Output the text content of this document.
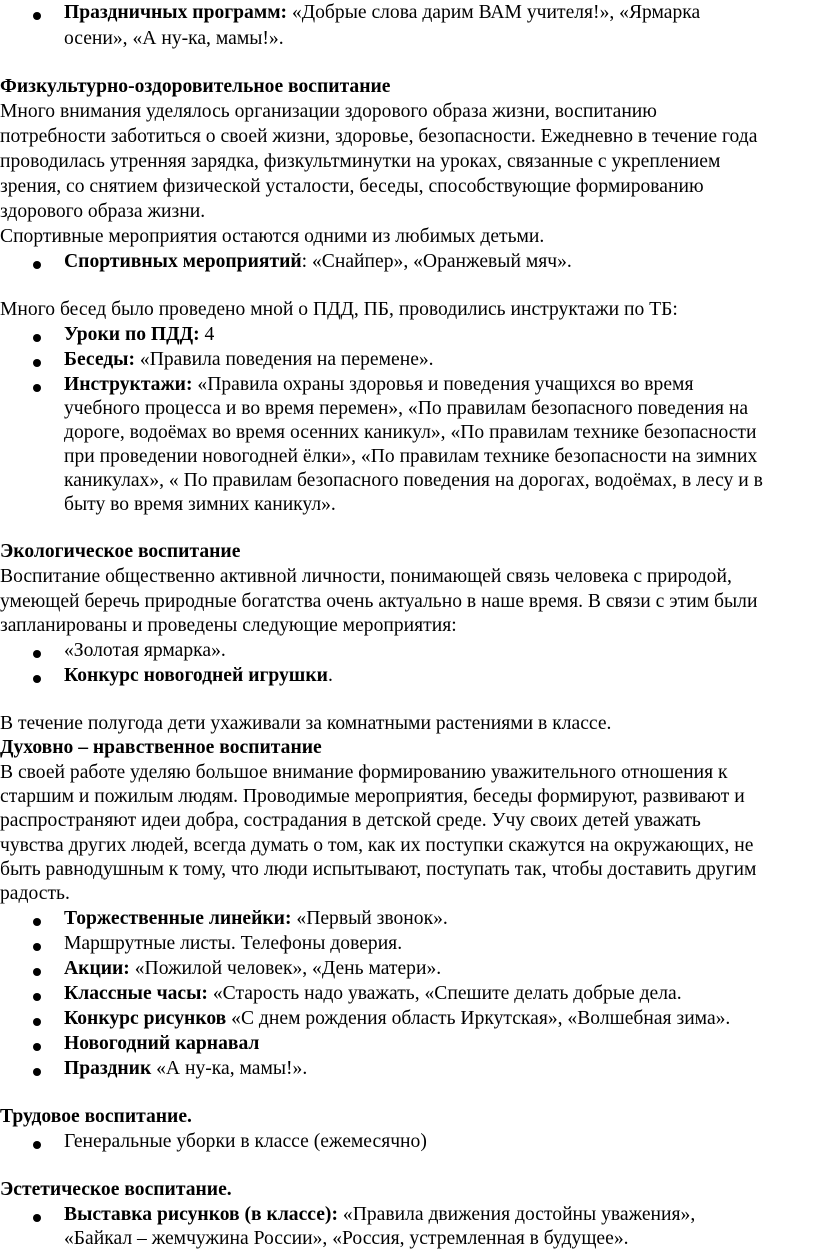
Праздничных программ: «Добрые слова дарим ВАМ учителя!», «Ярмарка
осени», «А ну-ка, мамы!».
Физкультурно-оздоровительное воспитание
Много внимания уделялось организации здорового образа жизни, воспитанию
потребности заботиться о своей жизни, здоровье, безопасности. Ежедневно в течение года
проводилась утренняя зарядка, физкультминутки на уроках, связанные с укреплением
зрения, со снятием физической усталости, беседы, способствующие формированию
здорового образа жизни.
Спортивные мероприятия остаются одними из любимых детьми.
Спортивных мероприятий: «Снайпер», «Оранжевый мяч».
Много бесед было проведено мной о ПДД, ПБ, проводились инструктажи по ТБ:
Уроки по ПДД: 4
Беседы: «Правила поведения на перемене».
Инструктажи: «Правила охраны здоровья и поведения учащихся во время
учебного процесса и во время перемен», «По правилам безопасного поведения на
дороге, водоёмах во время осенних каникул», «По правилам технике безопасности
при проведении новогодней ёлки», «По правилам технике безопасности на зимних
каникулах», « По правилам безопасного поведения на дорогах, водоёмах, в лесу и в
быту во время зимних каникул».
Экологическое воспитание
Воспитание общественно активной личности, понимающей связь человека с природой,
умеющей беречь природные богатства очень актуально в наше время. В связи с этим были
запланированы и проведены следующие мероприятия:
«Золотая ярмарка».
Конкурс новогодней игрушки.
В течение полугода дети ухаживали за комнатными растениями в классе.
Духовно – нравственное воспитание
В своей работе уделяю большое внимание формированию уважительного отношения к
старшим и пожилым людям. Проводимые мероприятия, беседы формируют, развивают и
распространяют идеи добра, сострадания в детской среде. Учу своих детей уважать
чувства других людей, всегда думать о том, как их поступки скажутся на окружающих, не
быть равнодушным к тому, что люди испытывают, поступать так, чтобы доставить другим
радость.
Торжественные линейки: «Первый звонок».
Маршрутные листы. Телефоны доверия.
Акции: «Пожилой человек», «День матери».
Классные часы: «Старость надо уважать, «Спешите делать добрые дела.
Конкурс рисунков «С днем рождения область Иркутская», «Волшебная зима».
Новогодний карнавал
Праздник «А ну-ка, мамы!».
Трудовое воспитание.
Генеральные уборки в классе (ежемесячно)
Эстетическое воспитание.
Выставка рисунков (в классе): «Правила движения достойны уважения»,
«Байкал – жемчужина России», «Россия, устремленная в будущее».
